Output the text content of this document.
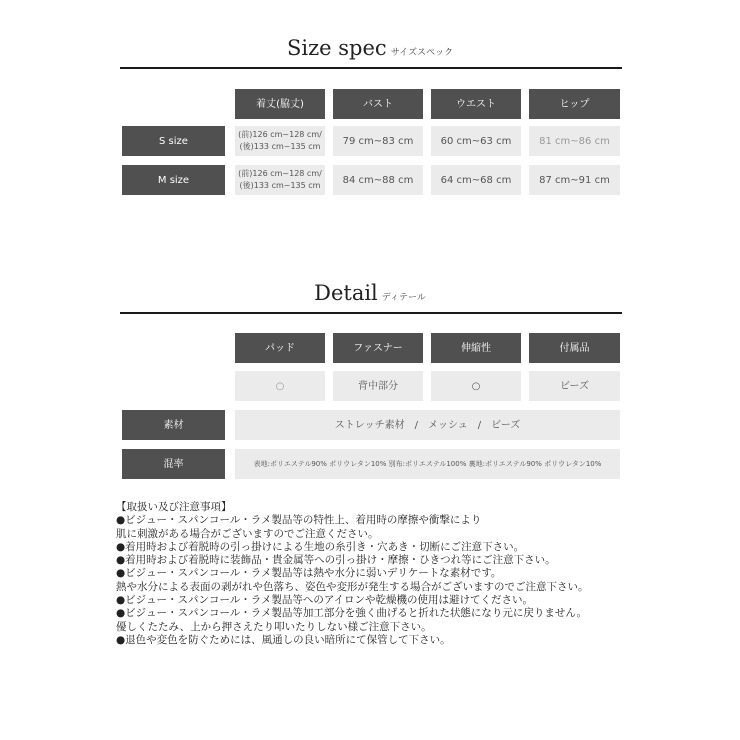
Size spec サイズスペック
着丈(脇丈)	バスト	ウエスト	ヒップ
S size
(前)126 cm~128 cm/
(後)133 cm~135 cm	79 cm~83 cm	60 cm~63 cm	81 cm~86 cm
M size
(前)126 cm~128 cm/
(後)133 cm~135 cm	84 cm~88 cm	64 cm~68 cm	87 cm~91 cm
Detail ディテール
パッド	ファスナー	伸縮性	付属品
○	背中部分	○	ビーズ
素材	ストレッチ素材　/　メッシュ　/　ビーズ
混率	表地:ポリエステル90% ポリウレタン10% 別布:ポリエステル100% 裏地:ポリエステル90% ポリウレタン10%
【取扱い及び注意事項】
●ビジュー・スパンコール・ラメ製品等の特性上、着用時の摩擦や衝撃により
肌に刺激がある場合がございますのでご注意ください。
●着用時および着脱時の引っ掛けによる生地の糸引き・穴あき・切断にご注意下さい。
●着用時および着脱時に装飾品・貴金属等への引っ掛け・摩擦・ひきつれ等にご注意下さい。
●ビジュー・スパンコール・ラメ製品等は熱や水分に弱いデリケートな素材です。
熱や水分による表面の剥がれや色落ち、姿色や変形が発生する場合がございますのでご注意下さい。
●ビジュー・スパンコール・ラメ製品等へのアイロンや乾燥機の使用は避けてください。
●ビジュー・スパンコール・ラメ製品等加工部分を強く曲げると折れた状態になり元に戻りません。
優しくたたみ、上から押さえたり叩いたりしない様ご注意下さい。
●退色や変色を防ぐためには、風通しの良い暗所にて保管して下さい。
